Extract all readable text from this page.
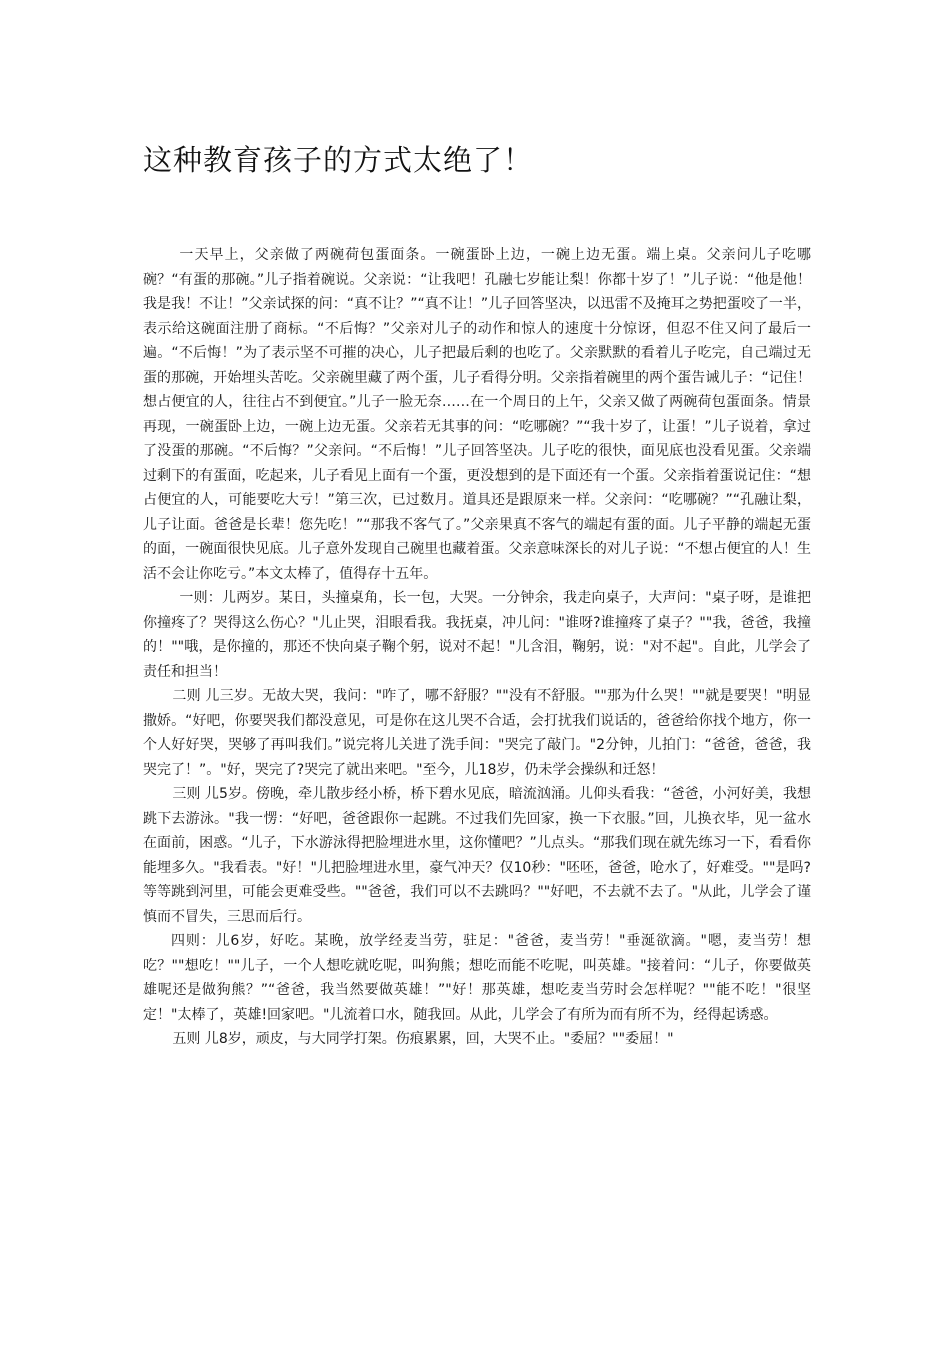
这种教育孩子的方式太绝了！

一天早上，父亲做了两碗荷包蛋面条。一碗蛋卧上边，一碗上边无蛋。端上桌。父亲问儿子吃哪碗？“有蛋的那碗。”儿子指着碗说。父亲说：“让我吧！孔融七岁能让梨！你都十岁了！”儿子说：“他是他！我是我！不让！”父亲试探的问：“真不让？”“真不让！”儿子回答坚决，以迅雷不及掩耳之势把蛋咬了一半，表示给这碗面注册了商标。“不后悔？”父亲对儿子的动作和惊人的速度十分惊讶，但忍不住又问了最后一遍。“不后悔！”为了表示坚不可摧的决心，儿子把最后剩的也吃了。父亲默默的看着儿子吃完，自己端过无蛋的那碗，开始埋头苦吃。父亲碗里藏了两个蛋，儿子看得分明。父亲指着碗里的两个蛋告诫儿子：“记住！想占便宜的人，往往占不到便宜。”儿子一脸无奈……在一个周日的上午，父亲又做了两碗荷包蛋面条。情景再现，一碗蛋卧上边，一碗上边无蛋。父亲若无其事的问：“吃哪碗？”“我十岁了，让蛋！”儿子说着，拿过了没蛋的那碗。“不后悔？”父亲问。“不后悔！”儿子回答坚决。儿子吃的很快，面见底也没看见蛋。父亲端过剩下的有蛋面，吃起来，儿子看见上面有一个蛋，更没想到的是下面还有一个蛋。父亲指着蛋说记住：“想占便宜的人，可能要吃大亏！”第三次，已过数月。道具还是跟原来一样。父亲问：“吃哪碗？”“孔融让梨，儿子让面。爸爸是长辈！您先吃！”“那我不客气了。”父亲果真不客气的端起有蛋的面。儿子平静的端起无蛋的面，一碗面很快见底。儿子意外发现自己碗里也藏着蛋。父亲意味深长的对儿子说：“不想占便宜的人！生活不会让你吃亏。”本文太棒了，值得存十五年。

一则：儿两岁。某日，头撞桌角，长一包，大哭。一分钟余，我走向桌子，大声问："桌子呀，是谁把你撞疼了？哭得这么伤心？"儿止哭，泪眼看我。我抚桌，冲儿问："谁呀?谁撞疼了桌子？""我，爸爸，我撞的！""哦，是你撞的，那还不快向桌子鞠个躬，说对不起！"儿含泪，鞠躬，说："对不起"。自此，儿学会了责任和担当！

二则 儿三岁。无故大哭，我问："咋了，哪不舒服？""没有不舒服。""那为什么哭！""就是要哭！"明显撒娇。“好吧，你要哭我们都没意见，可是你在这儿哭不合适，会打扰我们说话的，爸爸给你找个地方，你一个人好好哭，哭够了再叫我们。”说完将儿关进了洗手间："哭完了敲门。"2分钟，儿拍门：“爸爸，爸爸，我哭完了！”。"好，哭完了?哭完了就出来吧。"至今，儿18岁，仍未学会操纵和迁怒！

三则 儿5岁。傍晚，牵儿散步经小桥，桥下碧水见底，暗流汹涌。儿仰头看我：“爸爸，小河好美，我想跳下去游泳。"我一愣：“好吧，爸爸跟你一起跳。不过我们先回家，换一下衣服。”回，儿换衣毕，见一盆水在面前，困惑。“儿子，下水游泳得把脸埋进水里，这你懂吧？”儿点头。“那我们现在就先练习一下，看看你能埋多久。"我看表。"好！"儿把脸埋进水里，豪气冲天？仅10秒："呸呸，爸爸，呛水了，好难受。""是吗?等等跳到河里，可能会更难受些。""爸爸，我们可以不去跳吗？""好吧，不去就不去了。"从此，儿学会了谨慎而不冒失，三思而后行。

四则：儿6岁，好吃。某晚，放学经麦当劳，驻足："爸爸，麦当劳！"垂涎欲滴。"嗯，麦当劳！想吃？""想吃！""儿子，一个人想吃就吃呢，叫狗熊；想吃而能不吃呢，叫英雄。"接着问：“儿子，你要做英雄呢还是做狗熊？”“爸爸，我当然要做英雄！”"好！那英雄，想吃麦当劳时会怎样呢？""能不吃！"很坚定！"太棒了，英雄!回家吧。"儿流着口水，随我回。从此，儿学会了有所为而有所不为，经得起诱惑。

五则 儿8岁，顽皮，与大同学打架。伤痕累累，回，大哭不止。"委屈？""委屈！"
